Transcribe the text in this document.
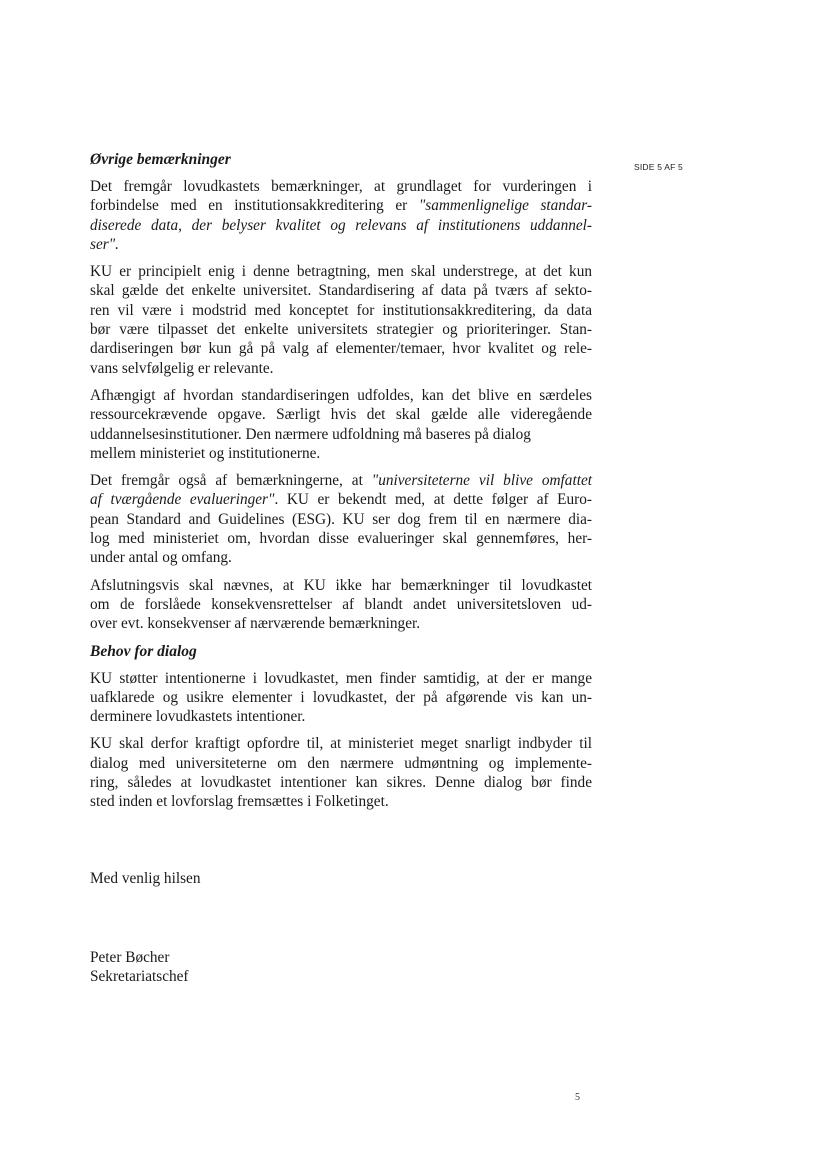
SIDE 5 AF 5
Øvrige bemærkninger
Det fremgår lovudkastets bemærkninger, at grundlaget for vurderingen i
forbindelse med en institutionsakkreditering er "sammenlignelige standar-
diserede data, der belyser kvalitet og relevans af institutionens uddannel-
ser".
KU er principielt enig i denne betragtning, men skal understrege, at det kun
skal gælde det enkelte universitet. Standardisering af data på tværs af sekto-
ren vil være i modstrid med konceptet for institutionsakkreditering, da data
bør være tilpasset det enkelte universitets strategier og prioriteringer. Stan-
dardiseringen bør kun gå på valg af elementer/temaer, hvor kvalitet og rele-
vans selvfølgelig er relevante.
Afhængigt af hvordan standardiseringen udfoldes, kan det blive en særdeles
ressourcekrævende opgave. Særligt hvis det skal gælde alle videregående
uddannelsesinstitutioner. Den nærmere udfoldning må baseres på dialog
mellem ministeriet og institutionerne.
Det fremgår også af bemærkningerne, at "universiteterne vil blive omfattet
af tværgående evalueringer". KU er bekendt med, at dette følger af Euro-
pean Standard and Guidelines (ESG). KU ser dog frem til en nærmere dia-
log med ministeriet om, hvordan disse evalueringer skal gennemføres, her-
under antal og omfang.
Afslutningsvis skal nævnes, at KU ikke har bemærkninger til lovudkastet
om de forslåede konsekvensrettelser af blandt andet universitetsloven ud-
over evt. konsekvenser af nærværende bemærkninger.
Behov for dialog
KU støtter intentionerne i lovudkastet, men finder samtidig, at der er mange
uafklarede og usikre elementer i lovudkastet, der på afgørende vis kan un-
derminere lovudkastets intentioner.
KU skal derfor kraftigt opfordre til, at ministeriet meget snarligt indbyder til
dialog med universiteterne om den nærmere udmøntning og implemente-
ring, således at lovudkastet intentioner kan sikres. Denne dialog bør finde
sted inden et lovforslag fremsættes i Folketinget.
Med venlig hilsen
Peter Bøcher
Sekretariatschef
5
